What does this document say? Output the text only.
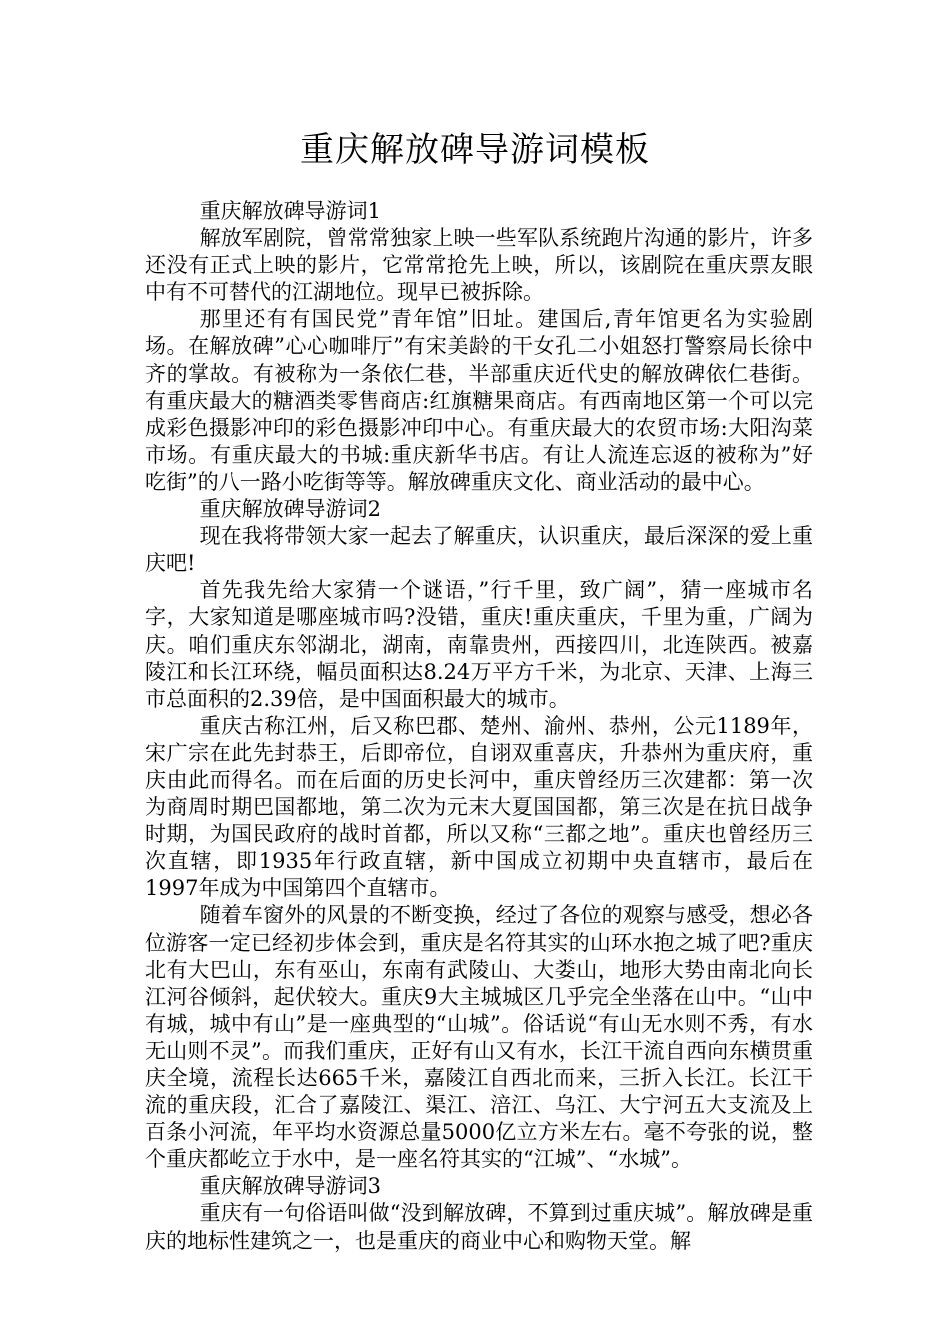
重庆解放碑导游词模板

重庆解放碑导游词1

解放军剧院，曾常常独家上映一些军队系统跑片沟通的影片，许多还没有正式上映的影片，它常常抢先上映，所以，该剧院在重庆票友眼中有不可替代的江湖地位。现早已被拆除。

那里还有有国民党”青年馆”旧址。建国后,青年馆更名为实验剧场。在解放碑”心心咖啡厅”有宋美龄的干女孔二小姐怒打警察局长徐中齐的掌故。有被称为一条依仁巷，半部重庆近代史的解放碑依仁巷街。有重庆最大的糖酒类零售商店:红旗糖果商店。有西南地区第一个可以完成彩色摄影冲印的彩色摄影冲印中心。有重庆最大的农贸市场:大阳沟菜市场。有重庆最大的书城:重庆新华书店。有让人流连忘返的被称为”好吃街”的八一路小吃街等等。解放碑重庆文化、商业活动的最中心。

重庆解放碑导游词2

现在我将带领大家一起去了解重庆，认识重庆，最后深深的爱上重庆吧!

首先我先给大家猜一个谜语，”行千里，致广阔”，猜一座城市名字，大家知道是哪座城市吗?没错，重庆!重庆重庆，千里为重，广阔为庆。咱们重庆东邻湖北，湖南，南靠贵州，西接四川，北连陕西。被嘉陵江和长江环绕，幅员面积达8.24万平方千米，为北京、天津、上海三市总面积的2.39倍，是中国面积最大的城市。

重庆古称江州，后又称巴郡、楚州、渝州、恭州，公元1189年，宋广宗在此先封恭王，后即帝位，自诩双重喜庆，升恭州为重庆府，重庆由此而得名。而在后面的历史长河中，重庆曾经历三次建都：第一次为商周时期巴国都地，第二次为元末大夏国国都，第三次是在抗日战争时期，为国民政府的战时首都，所以又称“三都之地”。重庆也曾经历三次直辖，即1935年行政直辖，新中国成立初期中央直辖市，最后在1997年成为中国第四个直辖市。

随着车窗外的风景的不断变换，经过了各位的观察与感受，想必各位游客一定已经初步体会到，重庆是名符其实的山环水抱之城了吧?重庆北有大巴山，东有巫山，东南有武陵山、大娄山，地形大势由南北向长江河谷倾斜，起伏较大。重庆9大主城城区几乎完全坐落在山中。“山中有城，城中有山”是一座典型的“山城”。俗话说“有山无水则不秀，有水无山则不灵”。而我们重庆，正好有山又有水，长江干流自西向东横贯重庆全境，流程长达665千米，嘉陵江自西北而来，三折入长江。长江干流的重庆段，汇合了嘉陵江、渠江、涪江、乌江、大宁河五大支流及上百条小河流，年平均水资源总量5000亿立方米左右。毫不夸张的说，整个重庆都屹立于水中，是一座名符其实的“江城”、“水城”。

重庆解放碑导游词3

重庆有一句俗语叫做“没到解放碑，不算到过重庆城”。解放碑是重庆的地标性建筑之一，也是重庆的商业中心和购物天堂。解
